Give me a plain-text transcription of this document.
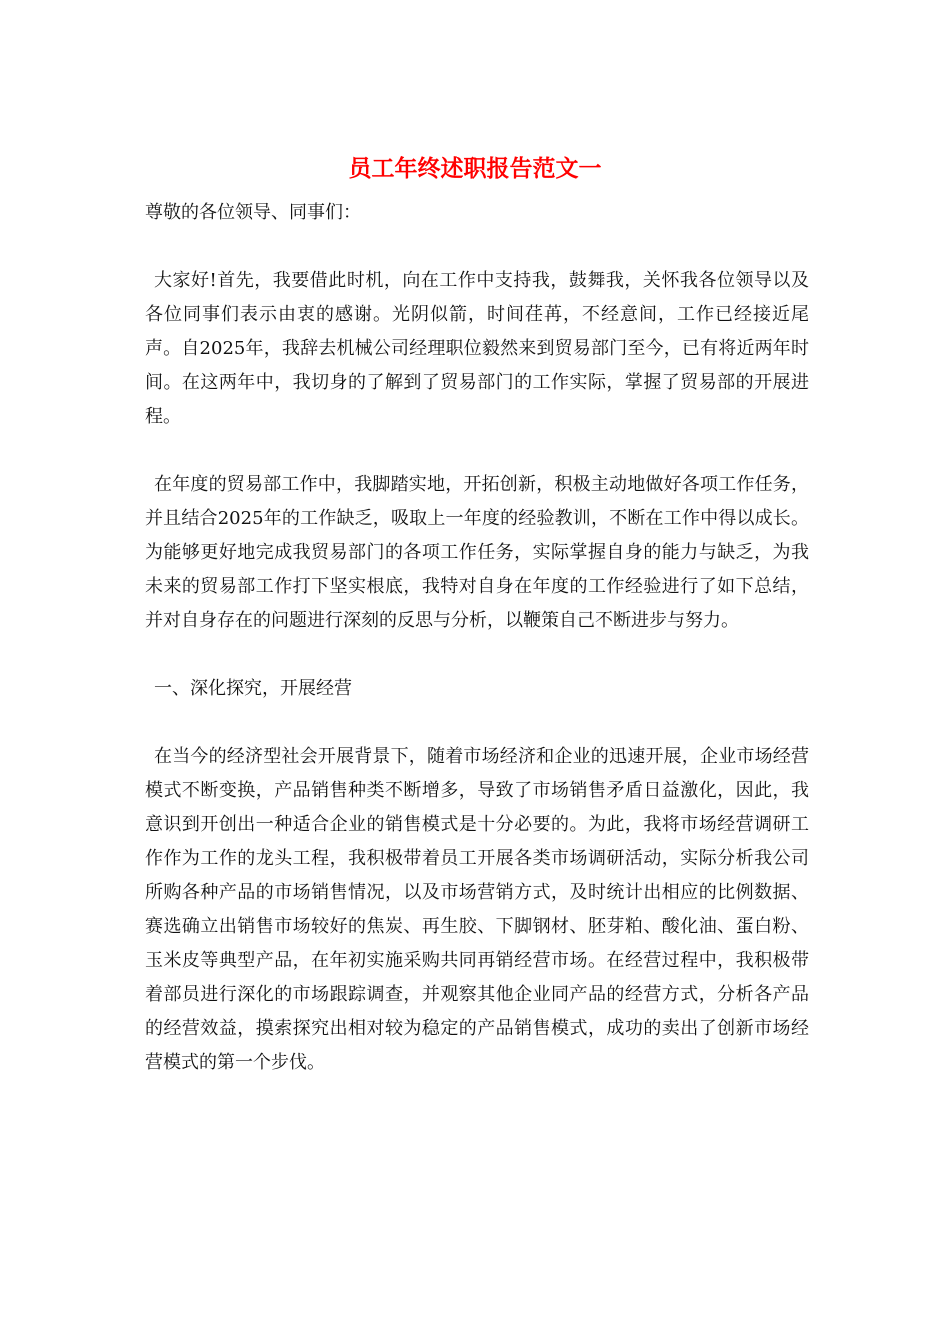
员工年终述职报告范文一

尊敬的各位领导、同事们：

大家好!首先，我要借此时机，向在工作中支持我，鼓舞我，关怀我各位领导以及各位同事们表示由衷的感谢。光阴似箭，时间荏苒，不经意间，工作已经接近尾声。自2025年，我辞去机械公司经理职位毅然来到贸易部门至今，已有将近两年时间。在这两年中，我切身的了解到了贸易部门的工作实际，掌握了贸易部的开展进程。

在年度的贸易部工作中，我脚踏实地，开拓创新，积极主动地做好各项工作任务，并且结合2025年的工作缺乏，吸取上一年度的经验教训，不断在工作中得以成长。为能够更好地完成我贸易部门的各项工作任务，实际掌握自身的能力与缺乏，为我未来的贸易部工作打下坚实根底，我特对自身在年度的工作经验进行了如下总结，并对自身存在的问题进行深刻的反思与分析，以鞭策自己不断进步与努力。

一、深化探究，开展经营

在当今的经济型社会开展背景下，随着市场经济和企业的迅速开展，企业市场经营模式不断变换，产品销售种类不断增多，导致了市场销售矛盾日益激化，因此，我意识到开创出一种适合企业的销售模式是十分必要的。为此，我将市场经营调研工作作为工作的龙头工程，我积极带着员工开展各类市场调研活动，实际分析我公司所购各种产品的市场销售情况，以及市场营销方式，及时统计出相应的比例数据、赛选确立出销售市场较好的焦炭、再生胶、下脚钢材、胚芽粕、酸化油、蛋白粉、玉米皮等典型产品，在年初实施采购共同再销经营市场。在经营过程中，我积极带着部员进行深化的市场跟踪调查，并观察其他企业同产品的经营方式，分析各产品的经营效益，摸索探究出相对较为稳定的产品销售模式，成功的卖出了创新市场经营模式的第一个步伐。
